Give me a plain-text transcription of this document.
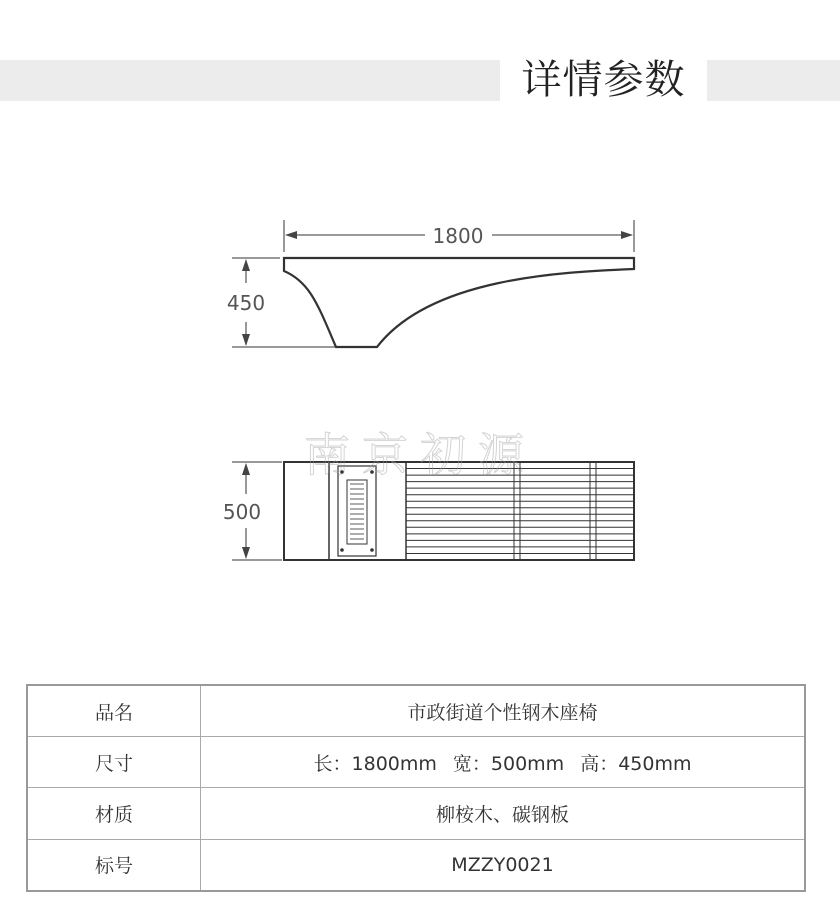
详情参数
1800
450
500
南京初源
品名	市政街道个性钢木座椅
尺寸	长：1800mm 宽：500mm 高：450mm
材质	柳桉木、碳钢板
标号	MZZY0021
